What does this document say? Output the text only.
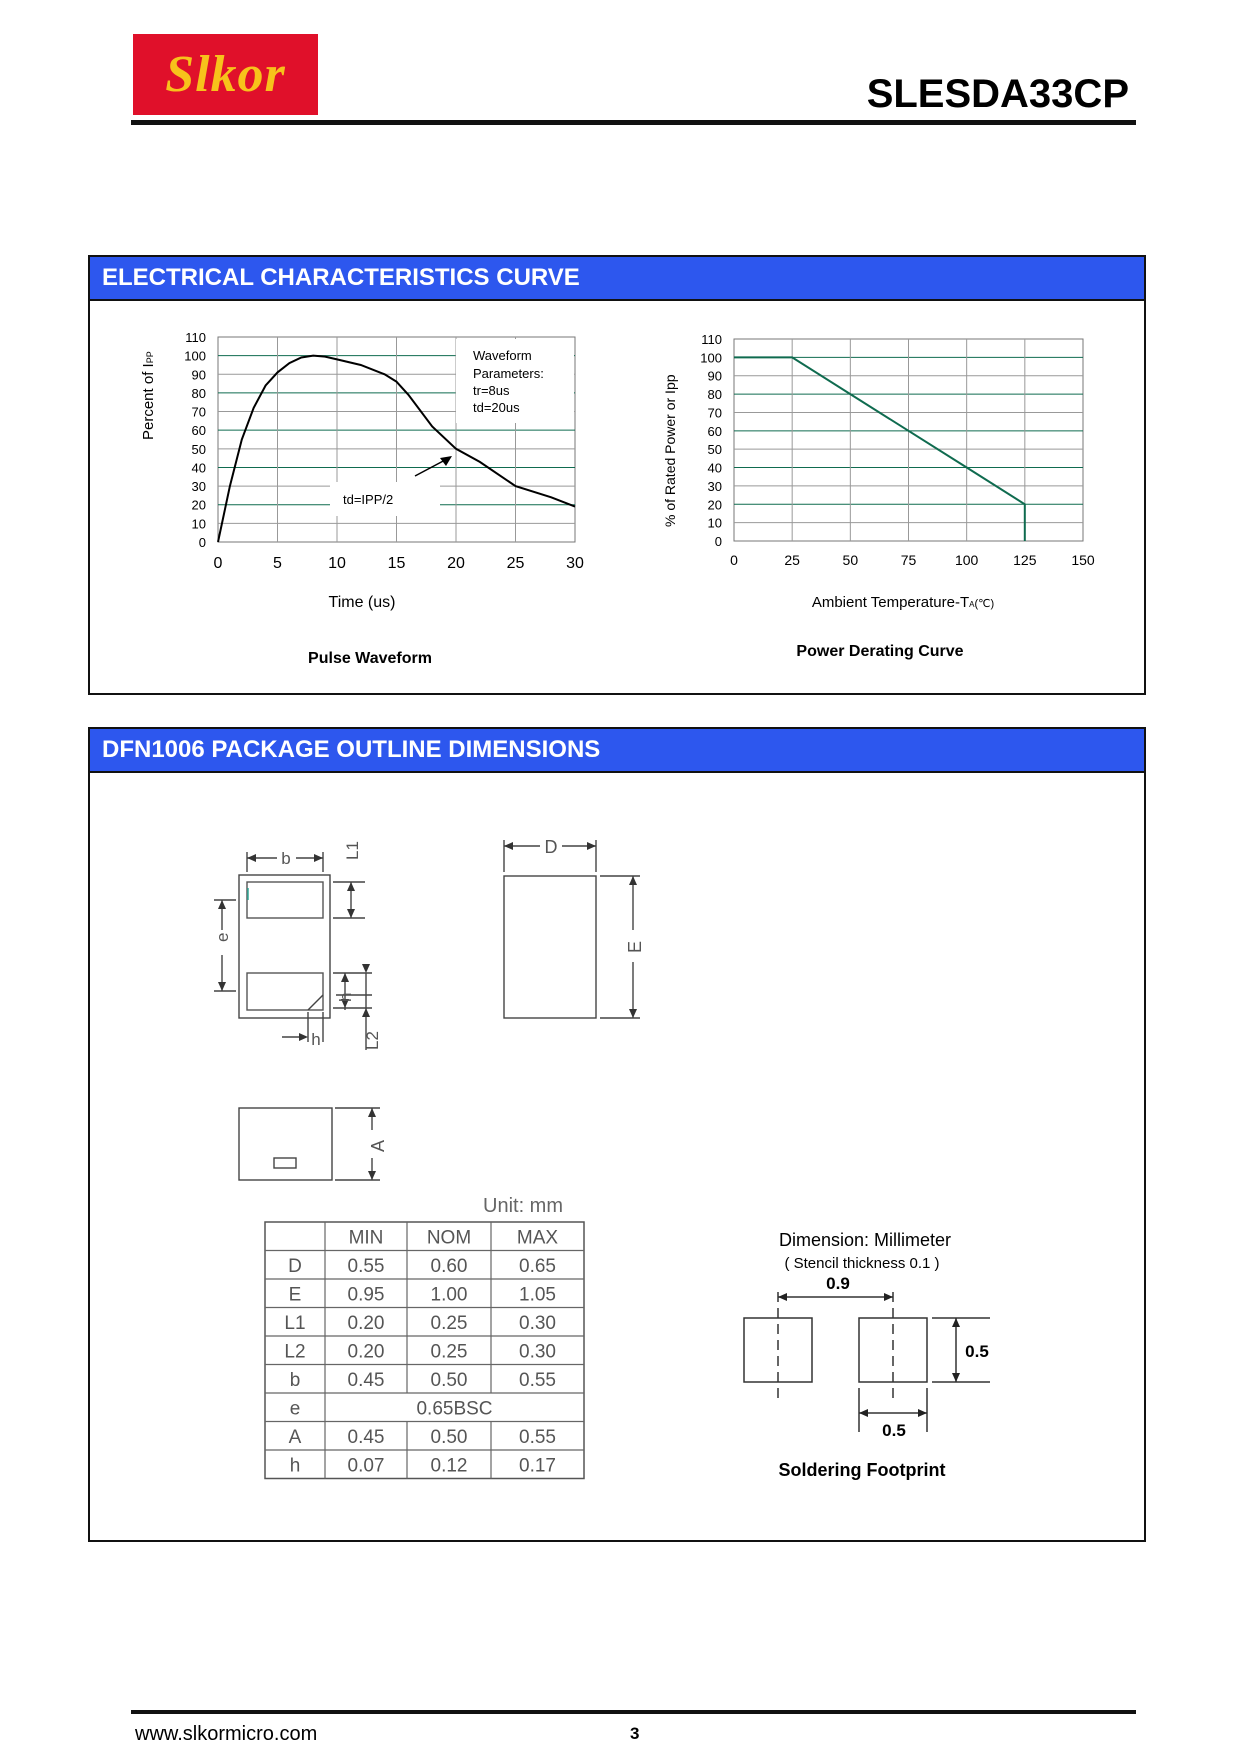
Slkor	SLESDA33CP
ELECTRICAL CHARACTERISTICS CURVE
0
10
20
30
40
50
60
70
80
90
100
110
0	5	10	15	20	25	30
Waveform
Parameters:
tr=8us
td=20us
td=IPP/2
Percent of IPP
Time (us)
Pulse Waveform
0
10
20
30
40
50
60
70
80
90
100
110
0	25	50	75	100 125 150
% of Rated Power or Ipp
Ambient Temperature-TA(℃)
Power Derating Curve
DFN1006 PACKAGE OUTLINE DIMENSIONS
b	L1
e
h
L2
h
D
E
A
Unit: mm
MIN NOM MAX
D 0.55 0.60	0.65
E 0.95 1.00	1.05
L1 0.20 0.25	0.30
L2 0.20 0.25	0.30
b 0.45 0.50	0.55
e	0.65BSC
A 0.45 0.50	0.55
h 0.07 0.12	0.17
Dimension: Millimeter
( Stencil thickness 0.1 )
0.9
0.5
0.5
Soldering Footprint
www.slkormicro.com	3
